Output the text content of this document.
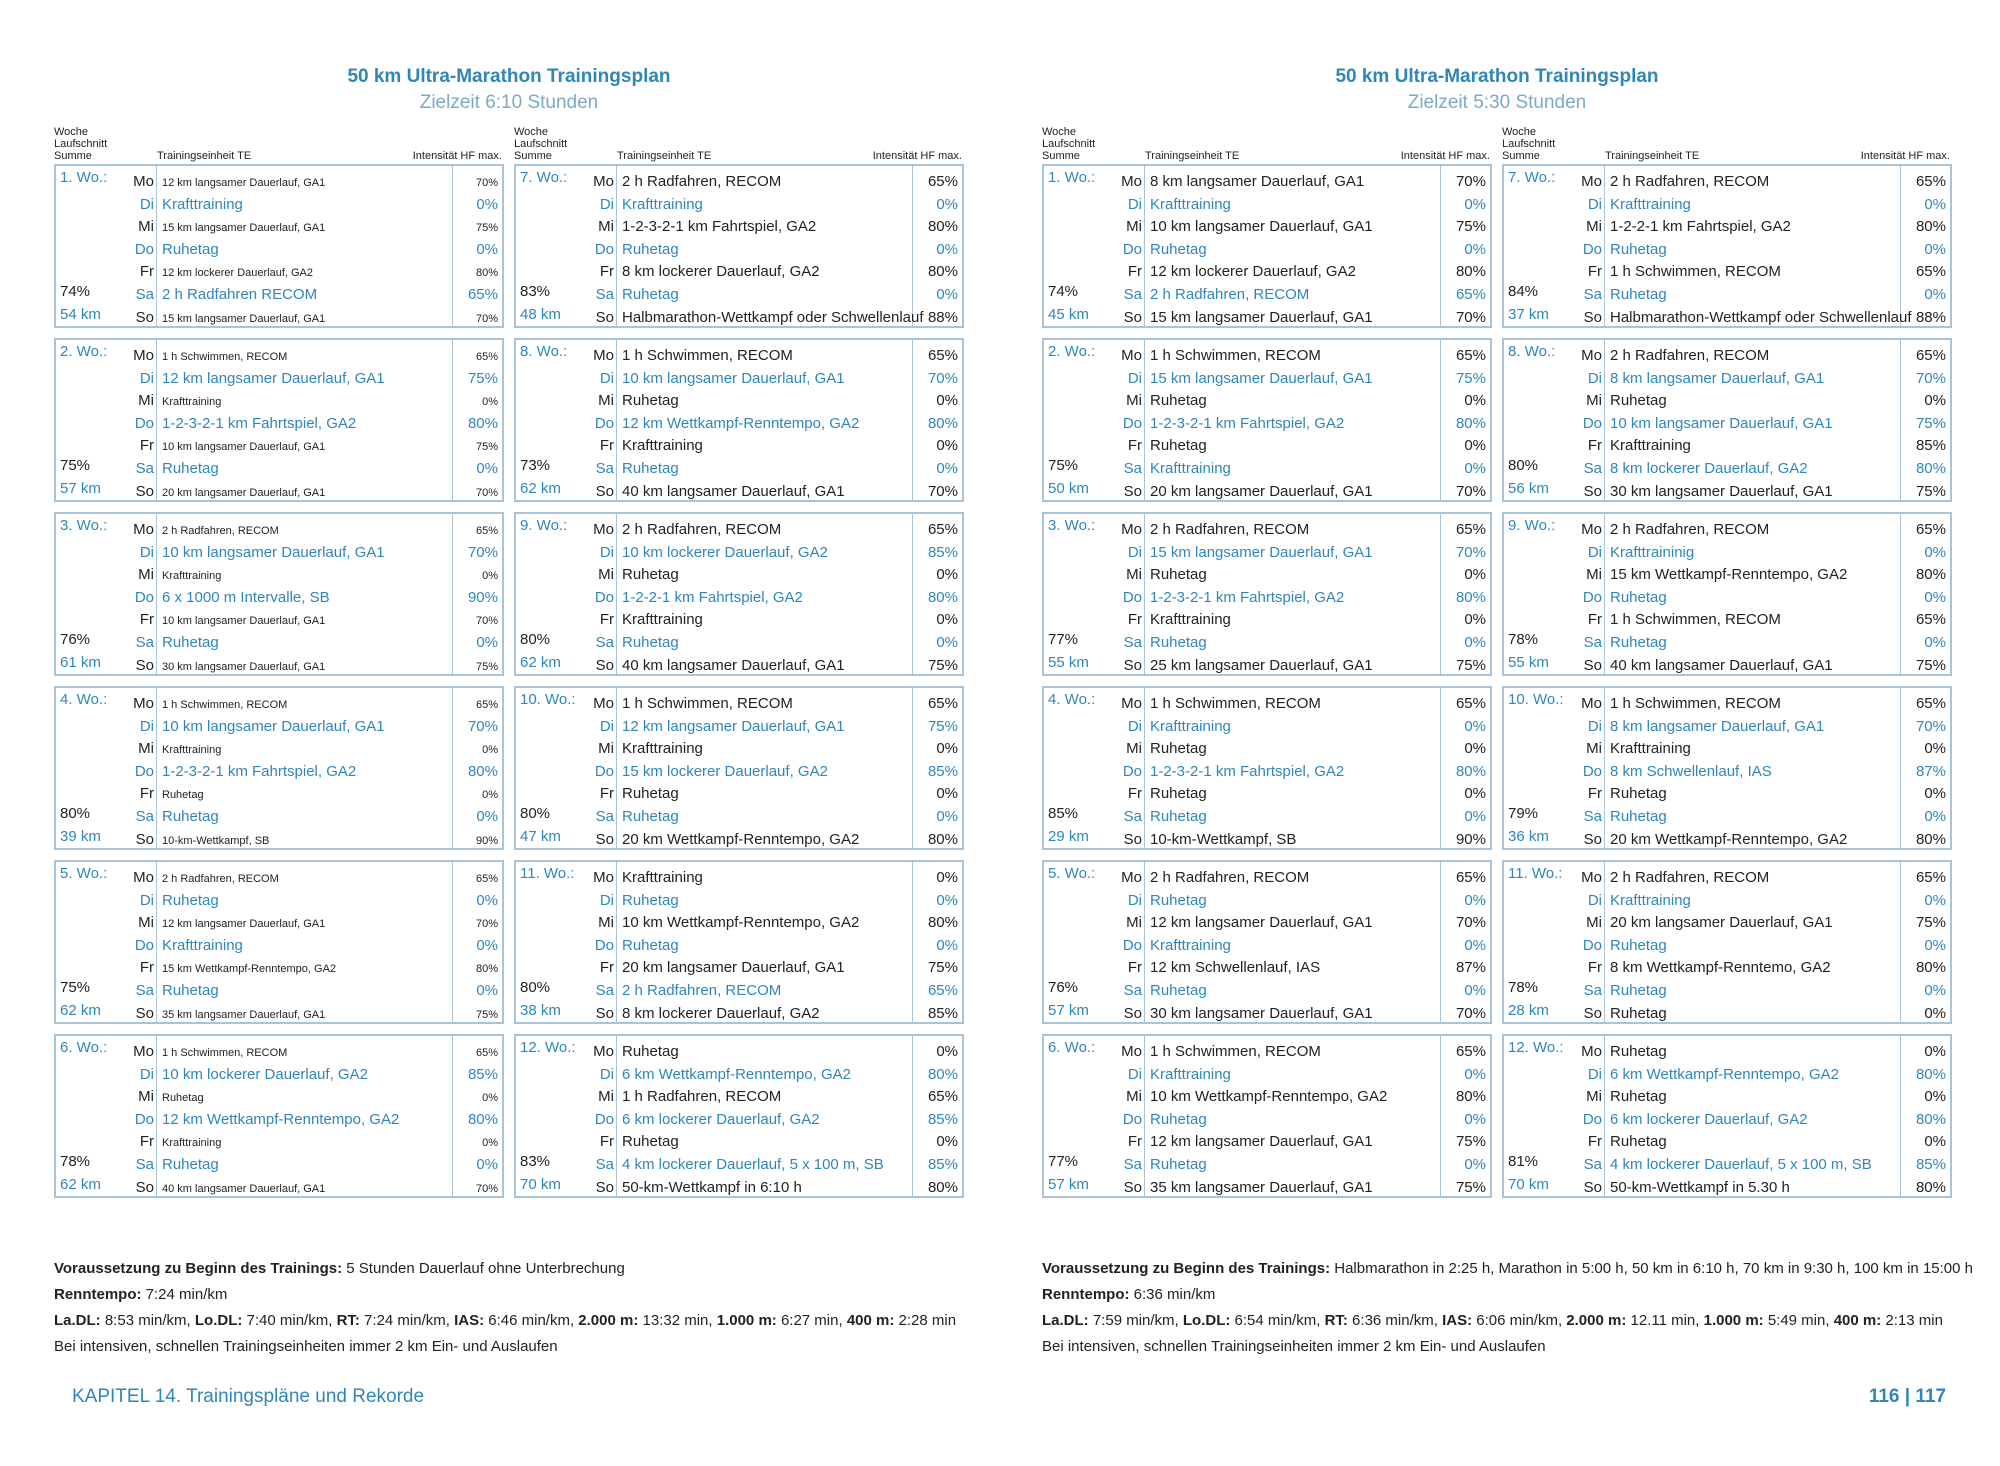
50 km Ultra-Marathon Trainingsplan
Zielzeit 6:10 Stunden
Woche
Laufschnitt
Summe	Trainingseinheit TE	Intensität HF max.
1. Wo.:
74%
54 km
Mo 12 km langsamer Dauerlauf, GA1	70%
Di Krafttraining	0%
Mi 15 km langsamer Dauerlauf, GA1	75%
Do Ruhetag	0%
Fr 12 km lockerer Dauerlauf, GA2	80%
Sa 2 h Radfahren RECOM	65%
So 15 km langsamer Dauerlauf, GA1	70%
2. Wo.:
75%
57 km
Mo 1 h Schwimmen, RECOM	65%
Di 12 km langsamer Dauerlauf, GA1	75%
Mi Krafttraining	0%
Do 1-2-3-2-1 km Fahrtspiel, GA2	80%
Fr 10 km langsamer Dauerlauf, GA1	75%
Sa Ruhetag	0%
So 20 km langsamer Dauerlauf, GA1	70%
3. Wo.:
76%
61 km
Mo 2 h Radfahren, RECOM	65%
Di 10 km langsamer Dauerlauf, GA1	70%
Mi Krafttraining	0%
Do 6 x 1000 m Intervalle, SB	90%
Fr 10 km langsamer Dauerlauf, GA1	70%
Sa Ruhetag	0%
So 30 km langsamer Dauerlauf, GA1	75%
4. Wo.:
80%
39 km
Mo 1 h Schwimmen, RECOM	65%
Di 10 km langsamer Dauerlauf, GA1	70%
Mi Krafttraining	0%
Do 1-2-3-2-1 km Fahrtspiel, GA2	80%
Fr Ruhetag	0%
Sa Ruhetag	0%
So 10-km-Wettkampf, SB	90%
5. Wo.:
75%
62 km
Mo 2 h Radfahren, RECOM	65%
Di Ruhetag	0%
Mi 12 km langsamer Dauerlauf, GA1	70%
Do Krafttraining	0%
Fr 15 km Wettkampf-Renntempo, GA2	80%
Sa Ruhetag	0%
So 35 km langsamer Dauerlauf, GA1	75%
6. Wo.:
78%
62 km
Mo 1 h Schwimmen, RECOM	65%
Di 10 km lockerer Dauerlauf, GA2	85%
Mi Ruhetag	0%
Do 12 km Wettkampf-Renntempo, GA2	80%
Fr Krafttraining	0%
Sa Ruhetag	0%
So 40 km langsamer Dauerlauf, GA1	70%
Woche
Laufschnitt
Summe	Trainingseinheit TE	Intensität HF max.
7. Wo.:
83%
48 km
Mo 2 h Radfahren, RECOM	65%
Di Krafttraining	0%
Mi 1-2-3-2-1 km Fahrtspiel, GA2	80%
Do Ruhetag	0%
Fr 8 km lockerer Dauerlauf, GA2	80%
Sa Ruhetag	0%
So Halbmarathon-Wettkampf oder Schwellenlauf 88%
8. Wo.:
73%
62 km
Mo 1 h Schwimmen, RECOM	65%
Di 10 km langsamer Dauerlauf, GA1	70%
Mi Ruhetag	0%
Do 12 km Wettkampf-Renntempo, GA2	80%
Fr Krafttraining	0%
Sa Ruhetag	0%
So 40 km langsamer Dauerlauf, GA1	70%
9. Wo.:
80%
62 km
Mo 2 h Radfahren, RECOM	65%
Di 10 km lockerer Dauerlauf, GA2	85%
Mi Ruhetag	0%
Do 1-2-2-1 km Fahrtspiel, GA2	80%
Fr Krafttraining	0%
Sa Ruhetag	0%
So 40 km langsamer Dauerlauf, GA1	75%
10. Wo.:
80%
47 km
Mo 1 h Schwimmen, RECOM	65%
Di 12 km langsamer Dauerlauf, GA1	75%
Mi Krafttraining	0%
Do 15 km lockerer Dauerlauf, GA2	85%
Fr Ruhetag	0%
Sa Ruhetag	0%
So 20 km Wettkampf-Renntempo, GA2	80%
11. Wo.:
80%
38 km
Mo Krafttraining	0%
Di Ruhetag	0%
Mi 10 km Wettkampf-Renntempo, GA2	80%
Do Ruhetag	0%
Fr 20 km langsamer Dauerlauf, GA1	75%
Sa 2 h Radfahren, RECOM	65%
So 8 km lockerer Dauerlauf, GA2	85%
12. Wo.:
83%
70 km
Mo Ruhetag	0%
Di 6 km Wettkampf-Renntempo, GA2	80%
Mi 1 h Radfahren, RECOM	65%
Do 6 km lockerer Dauerlauf, GA2	85%
Fr Ruhetag	0%
Sa 4 km lockerer Dauerlauf, 5 x 100 m, SB	85%
So 50-km-Wettkampf in 6:10 h	80%
50 km Ultra-Marathon Trainingsplan
Zielzeit 5:30 Stunden
Woche
Laufschnitt
Summe	Trainingseinheit TE	Intensität HF max.
1. Wo.:
74%
45 km
Mo 8 km langsamer Dauerlauf, GA1	70%
Di Krafttraining	0%
Mi 10 km langsamer Dauerlauf, GA1	75%
Do Ruhetag	0%
Fr 12 km lockerer Dauerlauf, GA2	80%
Sa 2 h Radfahren, RECOM	65%
So 15 km langsamer Dauerlauf, GA1	70%
2. Wo.:
75%
50 km
Mo 1 h Schwimmen, RECOM	65%
Di 15 km langsamer Dauerlauf, GA1	75%
Mi Ruhetag	0%
Do 1-2-3-2-1 km Fahrtspiel, GA2	80%
Fr Ruhetag	0%
Sa Krafttraining	0%
So 20 km langsamer Dauerlauf, GA1	70%
3. Wo.:
77%
55 km
Mo 2 h Radfahren, RECOM	65%
Di 15 km langsamer Dauerlauf, GA1	70%
Mi Ruhetag	0%
Do 1-2-3-2-1 km Fahrtspiel, GA2	80%
Fr Krafttraining	0%
Sa Ruhetag	0%
So 25 km langsamer Dauerlauf, GA1	75%
4. Wo.:
85%
29 km
Mo 1 h Schwimmen, RECOM	65%
Di Krafttraining	0%
Mi Ruhetag	0%
Do 1-2-3-2-1 km Fahrtspiel, GA2	80%
Fr Ruhetag	0%
Sa Ruhetag	0%
So 10-km-Wettkampf, SB	90%
5. Wo.:
76%
57 km
Mo 2 h Radfahren, RECOM	65%
Di Ruhetag	0%
Mi 12 km langsamer Dauerlauf, GA1	70%
Do Krafttraining	0%
Fr 12 km Schwellenlauf, IAS	87%
Sa Ruhetag	0%
So 30 km langsamer Dauerlauf, GA1	70%
6. Wo.:
77%
57 km
Mo 1 h Schwimmen, RECOM	65%
Di Krafttraining	0%
Mi 10 km Wettkampf-Renntempo, GA2	80%
Do Ruhetag	0%
Fr 12 km langsamer Dauerlauf, GA1	75%
Sa Ruhetag	0%
So 35 km langsamer Dauerlauf, GA1	75%
Woche
Laufschnitt
Summe	Trainingseinheit TE	Intensität HF max.
7. Wo.:
84%
37 km
Mo 2 h Radfahren, RECOM	65%
Di Krafttraining	0%
Mi 1-2-2-1 km Fahrtspiel, GA2	80%
Do Ruhetag	0%
Fr 1 h Schwimmen, RECOM	65%
Sa Ruhetag	0%
So Halbmarathon-Wettkampf oder Schwellenlauf 88%
8. Wo.:
80%
56 km
Mo 2 h Radfahren, RECOM	65%
Di 8 km langsamer Dauerlauf, GA1	70%
Mi Ruhetag	0%
Do 10 km langsamer Dauerlauf, GA1	75%
Fr Krafttraining	85%
Sa 8 km lockerer Dauerlauf, GA2	80%
So 30 km langsamer Dauerlauf, GA1	75%
9. Wo.:
78%
55 km
Mo 2 h Radfahren, RECOM	65%
Di Krafttraininig	0%
Mi 15 km Wettkampf-Renntempo, GA2	80%
Do Ruhetag	0%
Fr 1 h Schwimmen, RECOM	65%
Sa Ruhetag	0%
So 40 km langsamer Dauerlauf, GA1	75%
10. Wo.:
79%
36 km
Mo 1 h Schwimmen, RECOM	65%
Di 8 km langsamer Dauerlauf, GA1	70%
Mi Krafttraining	0%
Do 8 km Schwellenlauf, IAS	87%
Fr Ruhetag	0%
Sa Ruhetag	0%
So 20 km Wettkampf-Renntempo, GA2	80%
11. Wo.:
78%
28 km
Mo 2 h Radfahren, RECOM	65%
Di Krafttraining	0%
Mi 20 km langsamer Dauerlauf, GA1	75%
Do Ruhetag	0%
Fr 8 km Wettkampf-Renntemo, GA2	80%
Sa Ruhetag	0%
So Ruhetag	0%
12. Wo.:
81%
70 km
Mo Ruhetag	0%
Di 6 km Wettkampf-Renntempo, GA2	80%
Mi Ruhetag	0%
Do 6 km lockerer Dauerlauf, GA2	80%
Fr Ruhetag	0%
Sa 4 km lockerer Dauerlauf, 5 x 100 m, SB	85%
So 50-km-Wettkampf in 5.30 h	80%
Voraussetzung zu Beginn des Trainings: 5 Stunden Dauerlauf ohne Unterbrechung
Renntempo: 7:24 min/km
La.DL: 8:53 min/km, Lo.DL: 7:40 min/km, RT: 7:24 min/km, IAS: 6:46 min/km, 2.000 m: 13:32 min, 1.000 m: 6:27 min, 400 m: 2:28 min
Bei intensiven, schnellen Trainingseinheiten immer 2 km Ein- und Auslaufen
Voraussetzung zu Beginn des Trainings: Halbmarathon in 2:25 h, Marathon in 5:00 h, 50 km in 6:10 h, 70 km in 9:30 h, 100 km in 15:00 h
Renntempo: 6:36 min/km
La.DL: 7:59 min/km, Lo.DL: 6:54 min/km, RT: 6:36 min/km, IAS: 6:06 min/km, 2.000 m: 12.11 min, 1.000 m: 5:49 min, 400 m: 2:13 min
Bei intensiven, schnellen Trainingseinheiten immer 2 km Ein- und Auslaufen
KAPITEL 14. Trainingspläne und Rekorde	116 | 117
